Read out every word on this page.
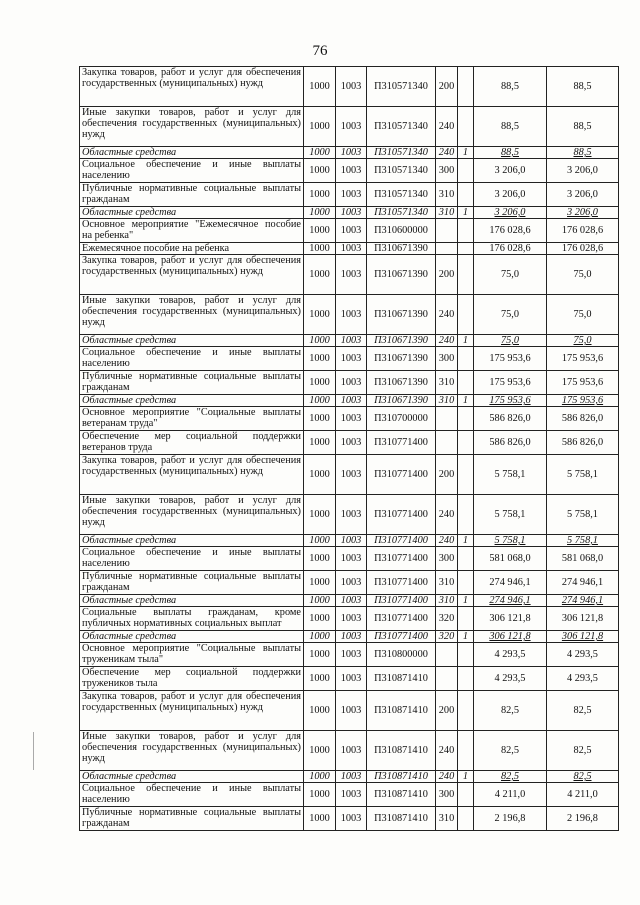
76
Закупка товаров, работ и услуг для обеспечения государственных (муниципальных) нужд	1000	1003	П310571340	200		88,5	88,5
Иные закупки товаров, работ и услуг для обеспечения государственных (муниципальных) нужд	1000	1003	П310571340	240		88,5	88,5
Областные средства	1000	1003	П310571340	240	1	88,5	88,5
Социальное обеспечение и иные выплаты населению	1000	1003	П310571340	300		3 206,0	3 206,0
Публичные нормативные социальные выплаты гражданам	1000	1003	П310571340	310		3 206,0	3 206,0
Областные средства	1000	1003	П310571340	310	1	3 206,0	3 206,0
Основное мероприятие "Ежемесячное пособие на ребенка"	1000	1003	П310600000			176 028,6	176 028,6
Ежемесячное пособие на ребенка	1000	1003	П310671390			176 028,6	176 028,6
Закупка товаров, работ и услуг для обеспечения государственных (муниципальных) нужд	1000	1003	П310671390	200		75,0	75,0
Иные закупки товаров, работ и услуг для обеспечения государственных (муниципальных) нужд	1000	1003	П310671390	240		75,0	75,0
Областные средства	1000	1003	П310671390	240	1	75,0	75,0
Социальное обеспечение и иные выплаты населению	1000	1003	П310671390	300		175 953,6	175 953,6
Публичные нормативные социальные выплаты гражданам	1000	1003	П310671390	310		175 953,6	175 953,6
Областные средства	1000	1003	П310671390	310	1	175 953,6	175 953,6
Основное мероприятие "Социальные выплаты ветеранам труда"	1000	1003	П310700000			586 826,0	586 826,0
Обеспечение мер социальной поддержки ветеранов труда	1000	1003	П310771400			586 826,0	586 826,0
Закупка товаров, работ и услуг для обеспечения государственных (муниципальных) нужд	1000	1003	П310771400	200		5 758,1	5 758,1
Иные закупки товаров, работ и услуг для обеспечения государственных (муниципальных) нужд	1000	1003	П310771400	240		5 758,1	5 758,1
Областные средства	1000	1003	П310771400	240	1	5 758,1	5 758,1
Социальное обеспечение и иные выплаты населению	1000	1003	П310771400	300		581 068,0	581 068,0
Публичные нормативные социальные выплаты гражданам	1000	1003	П310771400	310		274 946,1	274 946,1
Областные средства	1000	1003	П310771400	310	1	274 946,1	274 946,1
Социальные выплаты гражданам, кроме публичных нормативных социальных выплат	1000	1003	П310771400	320		306 121,8	306 121,8
Областные средства	1000	1003	П310771400	320	1	306 121,8	306 121,8
Основное мероприятие "Социальные выплаты труженикам тыла"	1000	1003	П310800000			4 293,5	4 293,5
Обеспечение мер социальной поддержки тружеников тыла	1000	1003	П310871410			4 293,5	4 293,5
Закупка товаров, работ и услуг для обеспечения государственных (муниципальных) нужд	1000	1003	П310871410	200		82,5	82,5
Иные закупки товаров, работ и услуг для обеспечения государственных (муниципальных) нужд	1000	1003	П310871410	240		82,5	82,5
Областные средства	1000	1003	П310871410	240	1	82,5	82,5
Социальное обеспечение и иные выплаты населению	1000	1003	П310871410	300		4 211,0	4 211,0
Публичные нормативные социальные выплаты гражданам	1000	1003	П310871410	310		2 196,8	2 196,8
